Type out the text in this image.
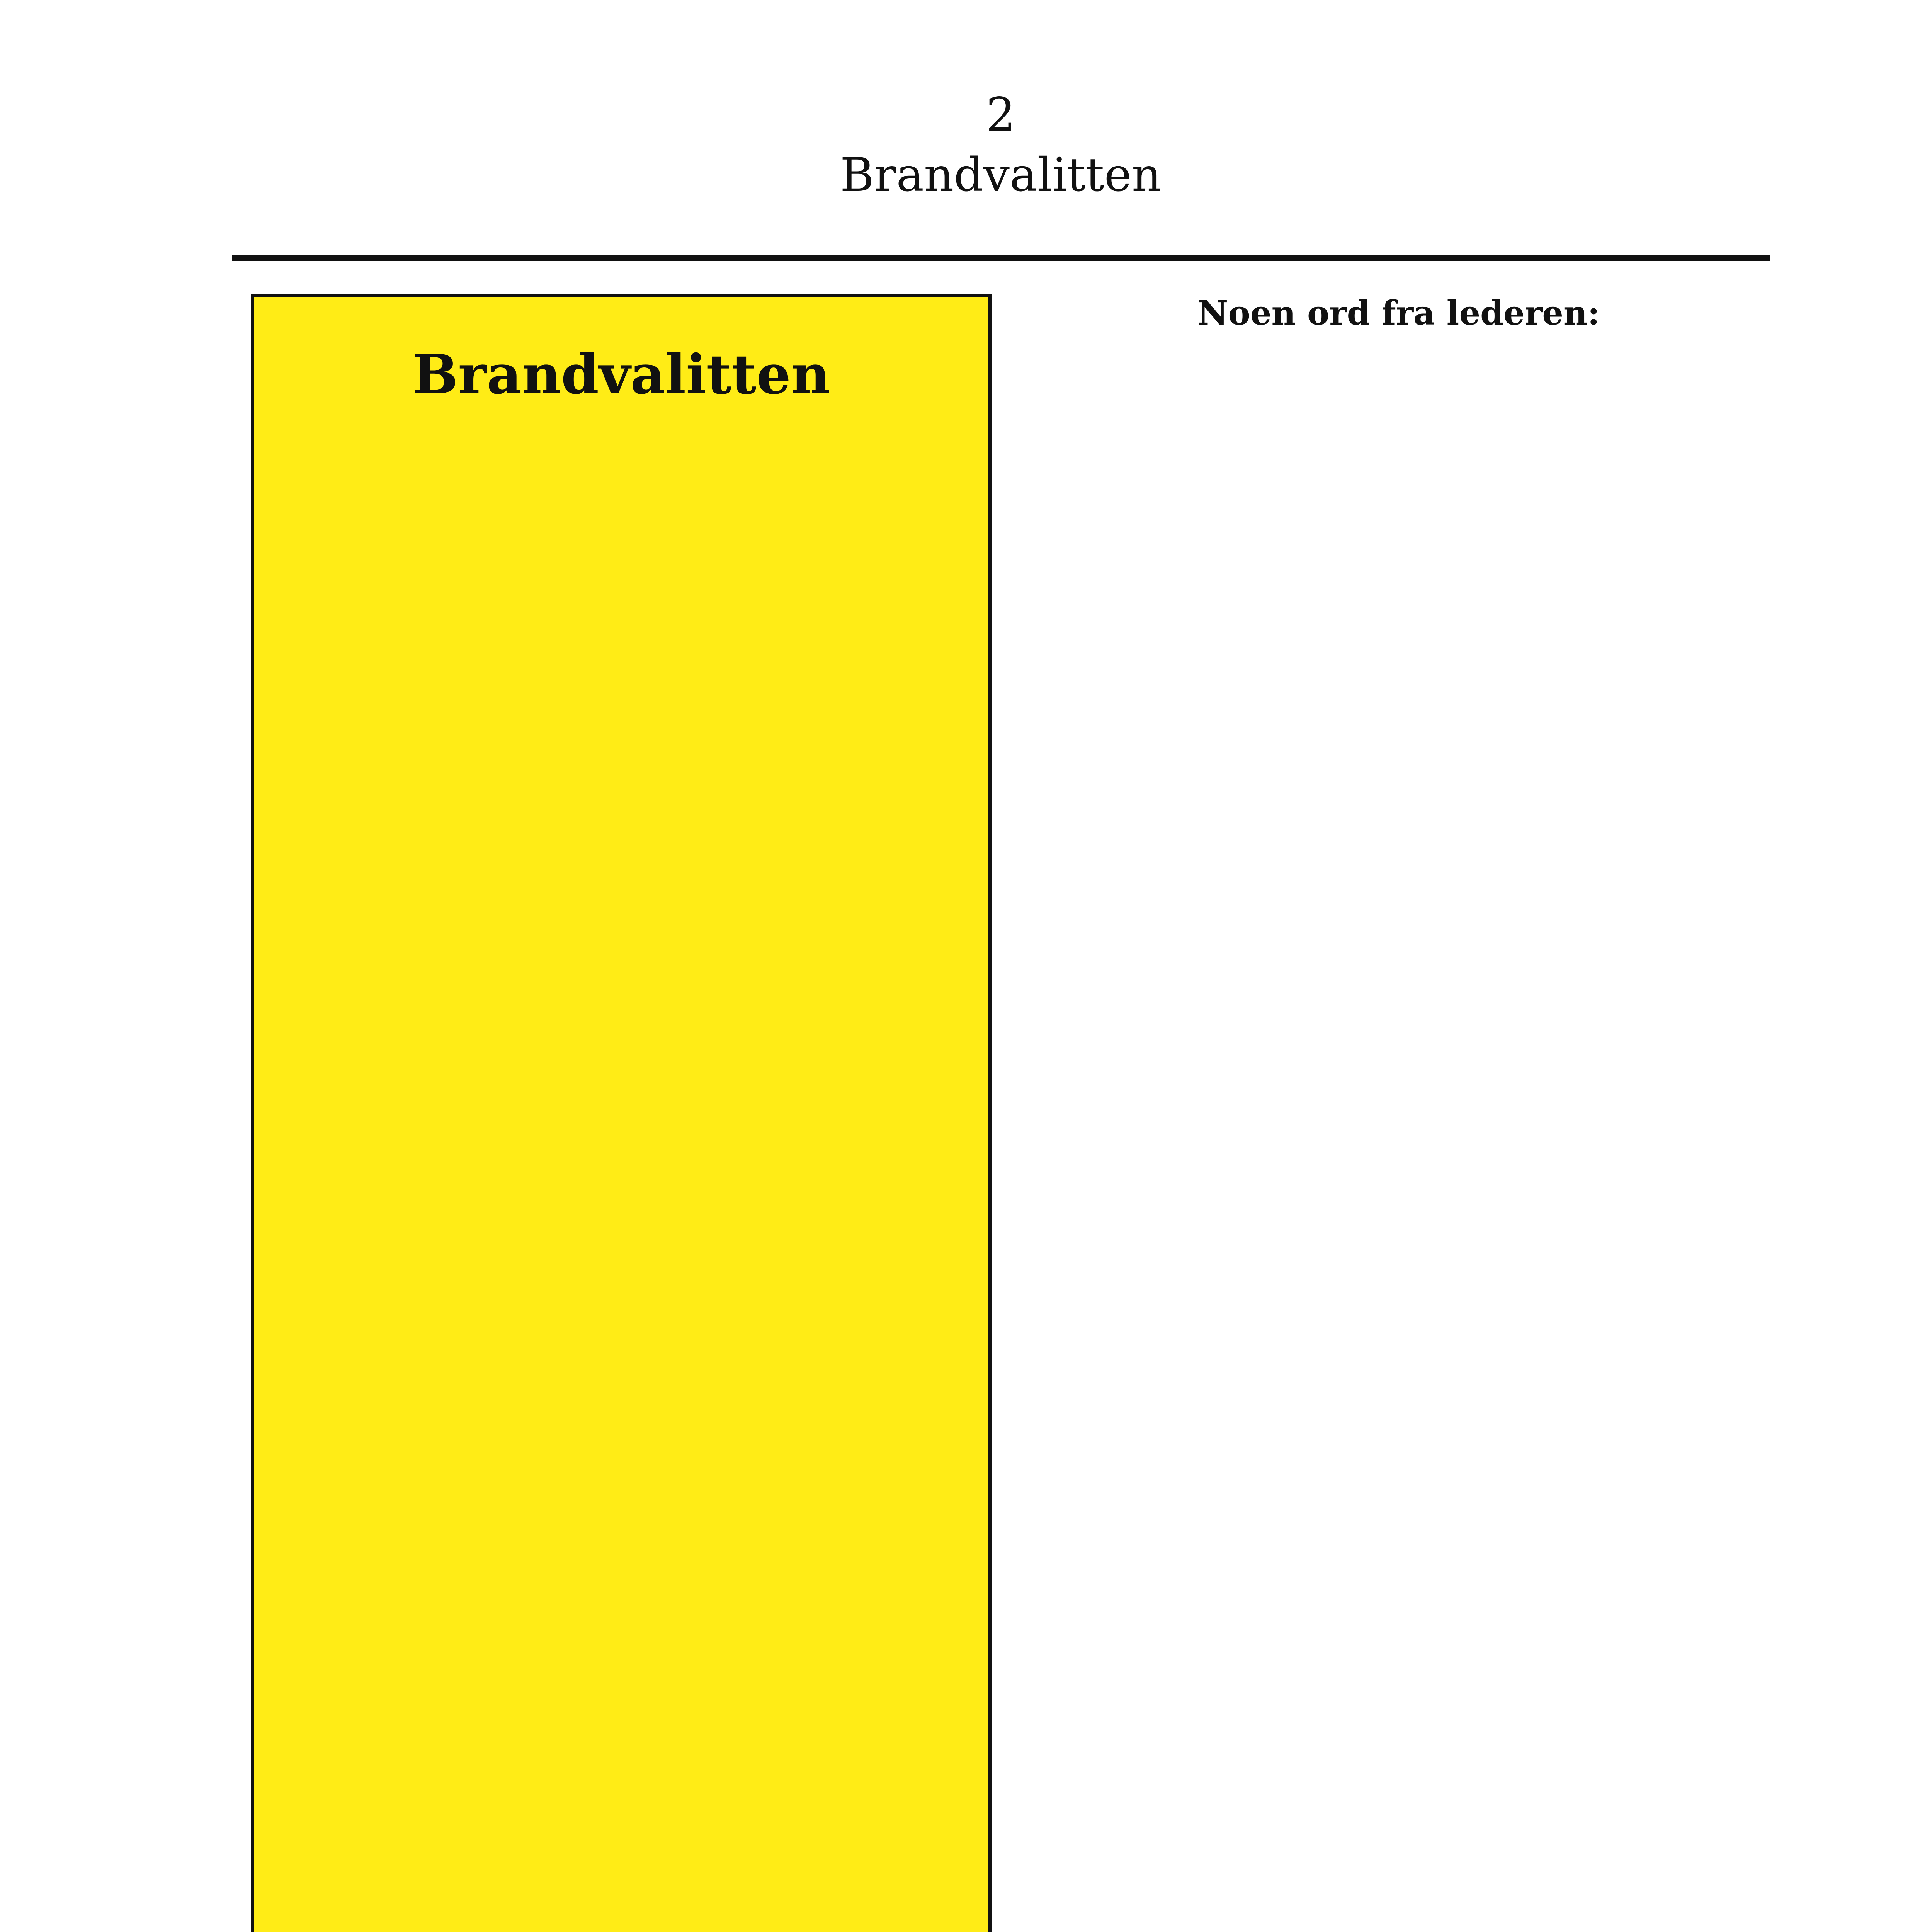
2
Brandvalitten
Brandvalitten
Noen ord fra lederen:
